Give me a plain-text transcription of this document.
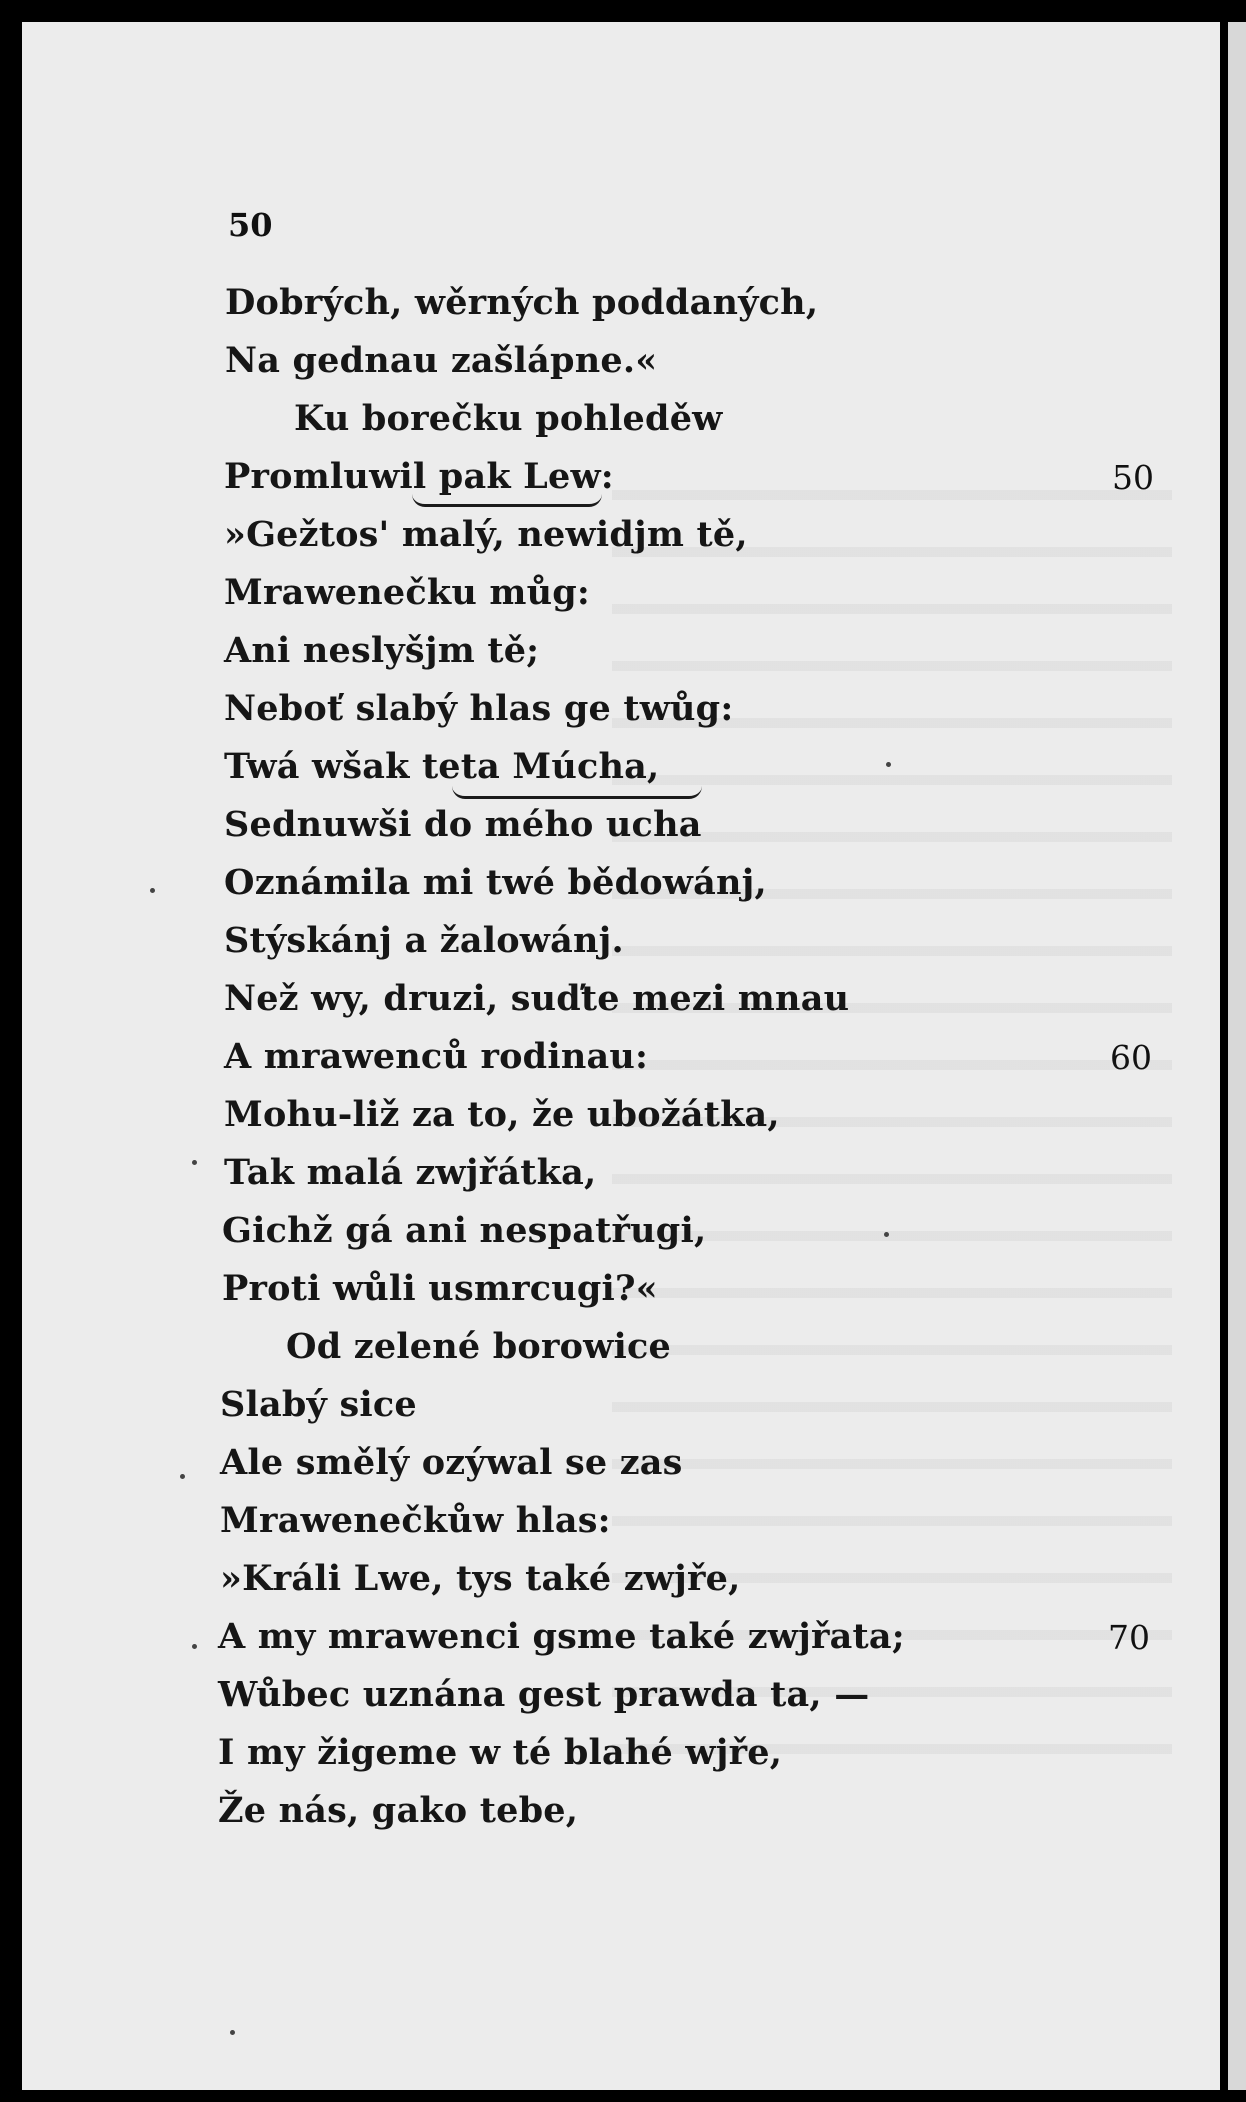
50
Dobrých, wěrných poddaných,
Na gednau zašlápne.«
Ku borečku pohleděw
Promluwil pak Lew:	50
»Gežtos' malý, newidjm tě,
Mrawenečku můg:
Ani neslyšjm tě;
Neboť slabý hlas ge twůg:
Twá wšak teta Múcha,
Sednuwši do mého ucha
Oznámila mi twé bědowánj,
Stýskánj a žalowánj.
Než wy, druzi, suďte mezi mnau
A mrawenců rodinau:	60
Mohu-liž za to, že ubožátka,
Tak malá zwjřátka,
Gichž gá ani nespatřugi,
Proti wůli usmrcugi?«
Od zelené borowice
Slabý sice
Ale smělý ozýwal se zas
Mrawenečkůw hlas:
»Králi Lwe, tys také zwjře,
A my mrawenci gsme také zwjřata;	70
Wůbec uznána gest prawda ta, —
I my žigeme w té blahé wjře,
Že nás, gako tebe,
